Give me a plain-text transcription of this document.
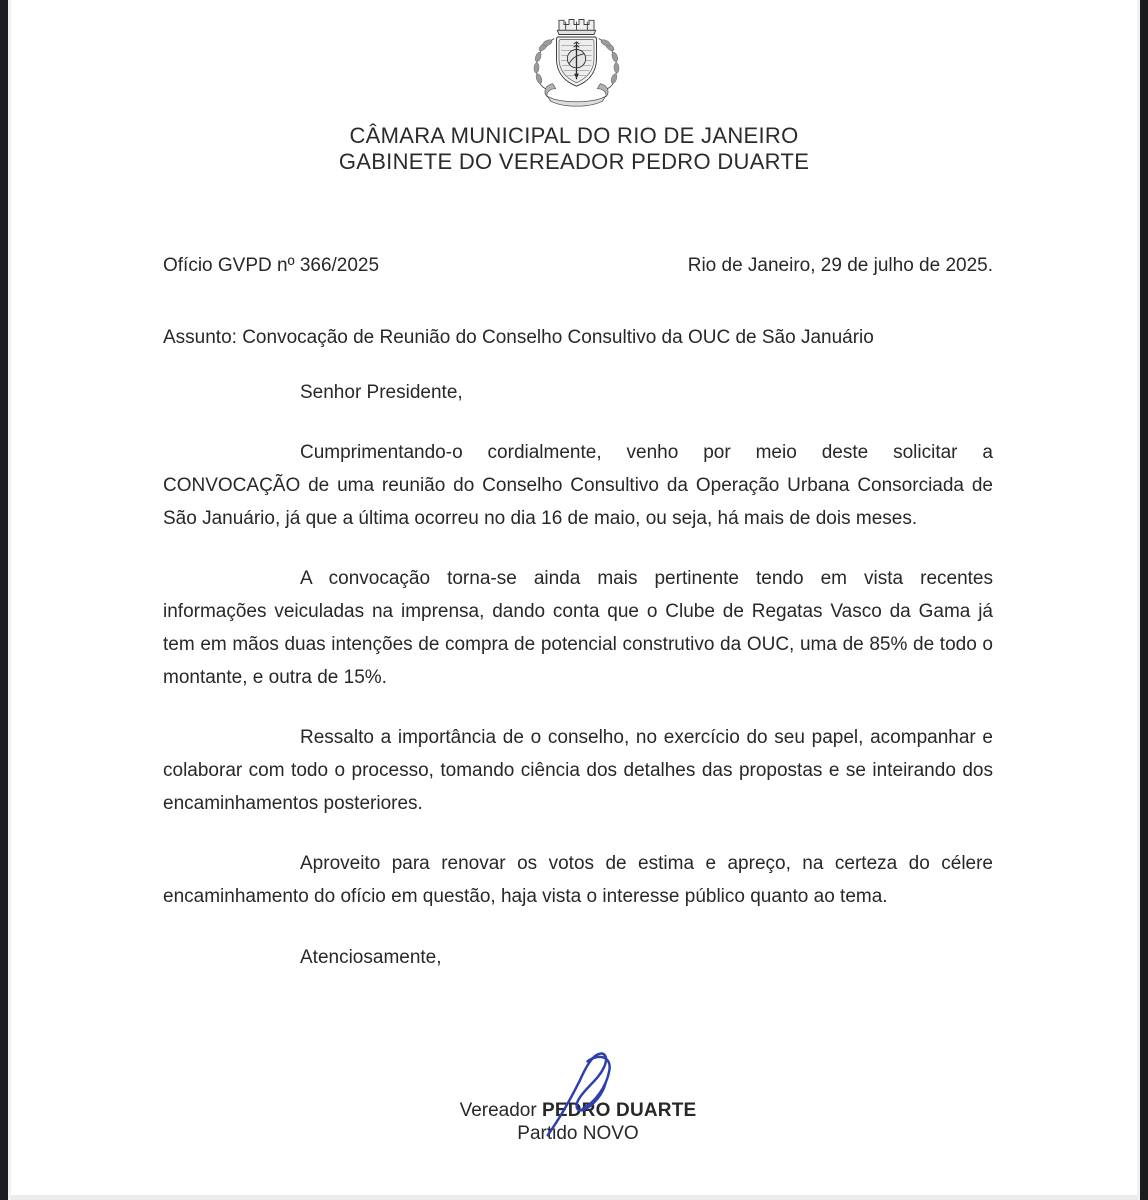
CÂMARA MUNICIPAL DO RIO DE JANEIRO
GABINETE DO VEREADOR PEDRO DUARTE
Ofício GVPD nº 366/2025	Rio de Janeiro, 29 de julho de 2025.
Assunto: Convocação de Reunião do Conselho Consultivo da OUC de São Januário
Senhor Presidente,

Cumprimentando-o cordialmente, venho por meio deste solicitar a CONVOCAÇÃO de uma reunião do Conselho Consultivo da Operação Urbana Consorciada de São Januário, já que a última ocorreu no dia 16 de maio, ou seja, há mais de dois meses.

A convocação torna-se ainda mais pertinente tendo em vista recentes informações veiculadas na imprensa, dando conta que o Clube de Regatas Vasco da Gama já tem em mãos duas intenções de compra de potencial construtivo da OUC, uma de 85% de todo o montante, e outra de 15%.

Ressalto a importância de o conselho, no exercício do seu papel, acompanhar e colaborar com todo o processo, tomando ciência dos detalhes das propostas e se inteirando dos encaminhamentos posteriores.

Aproveito para renovar os votos de estima e apreço, na certeza do célere encaminhamento do ofício em questão, haja vista o interesse público quanto ao tema.

Atenciosamente,
Vereador PEDRO DUARTE
Partido NOVO
